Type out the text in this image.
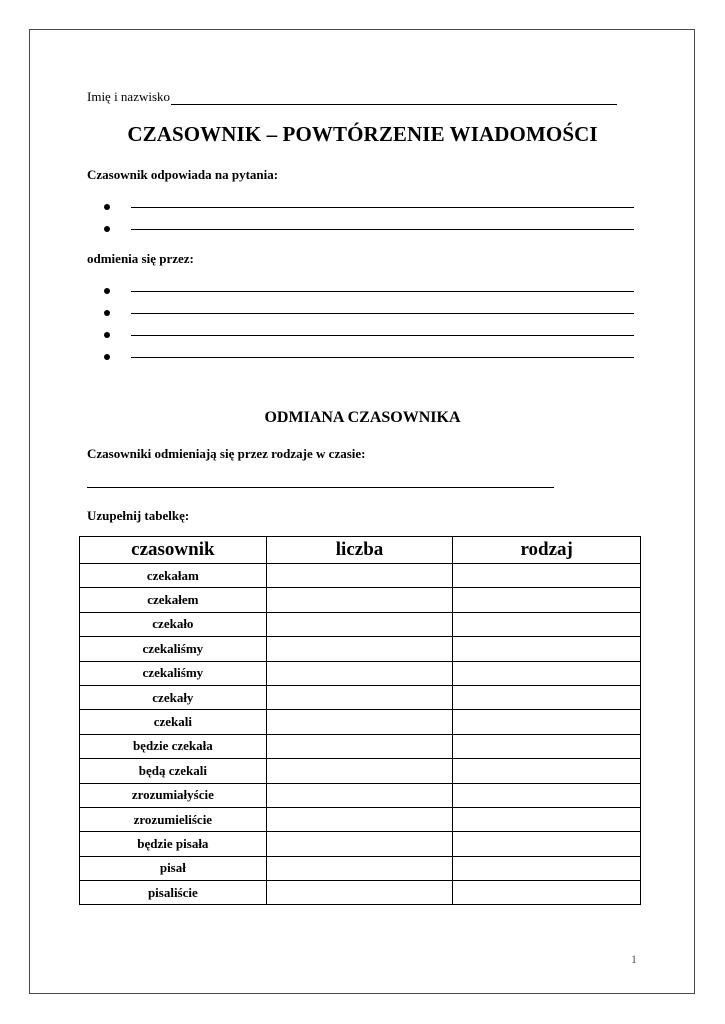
Imię i nazwisko
CZASOWNIK – POWTÓRZENIE WIADOMOŚCI
Czasownik odpowiada na pytania:
odmienia się przez:
ODMIANA CZASOWNIKA
Czasowniki odmieniają się przez rodzaje w czasie:
Uzupełnij tabelkę:
czasownik	liczba	rodzaj
czekałam		
czekałem		
czekało		
czekaliśmy		
czekaliśmy		
czekały		
czekali		
będzie czekała		
będą czekali		
zrozumiałyście		
zrozumieliście		
będzie pisała		
pisał		
pisaliście		
1
